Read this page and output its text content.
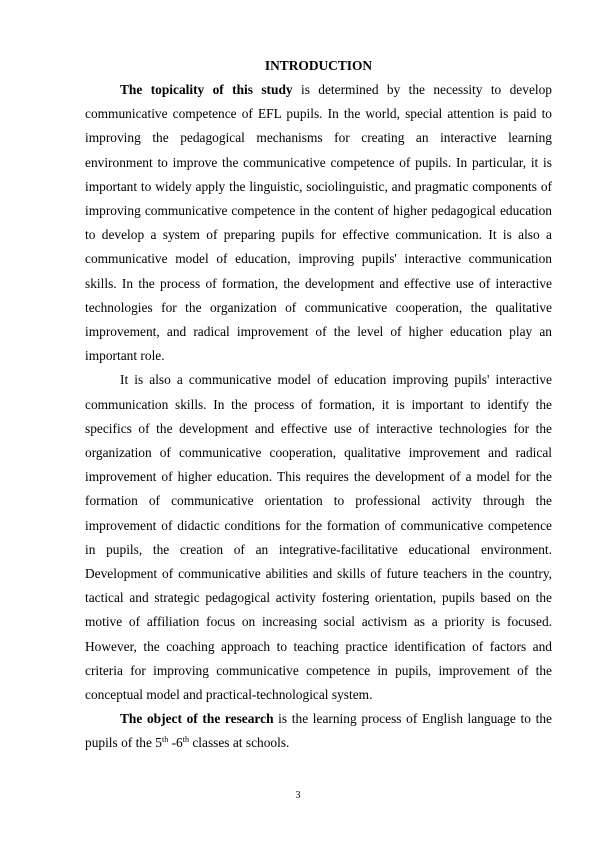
INTRODUCTION

The topicality of this study is determined by the necessity to develop communicative competence of EFL pupils. In the world, special attention is paid to improving the pedagogical mechanisms for creating an interactive learning environment to improve the communicative competence of pupils. In particular, it is important to widely apply the linguistic, sociolinguistic, and pragmatic components of improving communicative competence in the content of higher pedagogical education to develop a system of preparing pupils for effective communication. It is also a communicative model of education, improving pupils' interactive communication skills. In the process of formation, the development and effective use of interactive technologies for the organization of communicative cooperation, the qualitative improvement, and radical improvement of the level of higher education play an important role.

It is also a communicative model of education improving pupils' interactive communication skills. In the process of formation, it is important to identify the specifics of the development and effective use of interactive technologies for the organization of communicative cooperation, qualitative improvement and radical improvement of higher education. This requires the development of a model for the formation of communicative orientation to professional activity through the improvement of didactic conditions for the formation of communicative competence in pupils, the creation of an integrative-facilitative educational environment. Development of communicative abilities and skills of future teachers in the country, tactical and strategic pedagogical activity fostering orientation, pupils based on the motive of affiliation focus on increasing social activism as a priority is focused. However, the coaching approach to teaching practice identification of factors and criteria for improving communicative competence in pupils, improvement of the conceptual model and practical-technological system.

The object of the research is the learning process of English language to the pupils of the 5th -6th classes at schools.

3
